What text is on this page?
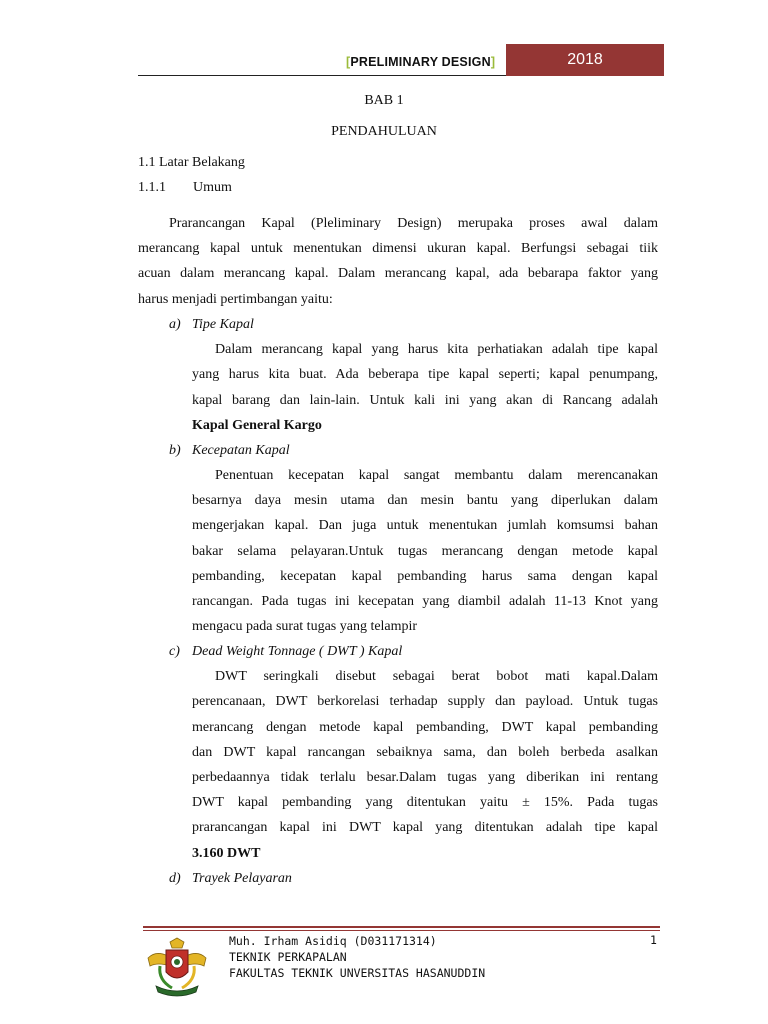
[PRELIMINARY DESIGN]	2018
BAB 1
PENDAHULUAN
1.1 Latar Belakang
1.1.1 Umum
Prarancangan Kapal (Pleliminary Design) merupaka proses awal dalam
merancang kapal untuk menentukan dimensi ukuran kapal. Berfungsi sebagai tiik
acuan dalam merancang kapal. Dalam merancang kapal, ada bebarapa faktor yang
harus menjadi pertimbangan yaitu:
a) Tipe Kapal
Dalam merancang kapal yang harus kita perhatiakan adalah tipe kapal
yang harus kita buat. Ada beberapa tipe kapal seperti; kapal penumpang,
kapal barang dan lain-lain. Untuk kali ini yang akan di Rancang adalah
Kapal General Kargo
b) Kecepatan Kapal
Penentuan kecepatan kapal sangat membantu dalam merencanakan
besarnya daya mesin utama dan mesin bantu yang diperlukan dalam
mengerjakan kapal. Dan juga untuk menentukan jumlah komsumsi bahan
bakar selama pelayaran.Untuk tugas merancang dengan metode kapal
pembanding, kecepatan kapal pembanding harus sama dengan kapal
rancangan. Pada tugas ini kecepatan yang diambil adalah 11-13 Knot yang
mengacu pada surat tugas yang telampir
c) Dead Weight Tonnage ( DWT ) Kapal
DWT seringkali disebut sebagai berat bobot mati kapal.Dalam
perencanaan, DWT berkorelasi terhadap supply dan payload. Untuk tugas
merancang dengan metode kapal pembanding, DWT kapal pembanding
dan DWT kapal rancangan sebaiknya sama, dan boleh berbeda asalkan
perbedaannya tidak terlalu besar.Dalam tugas yang diberikan ini rentang
DWT kapal pembanding yang ditentukan yaitu ± 15%. Pada tugas
prarancangan kapal ini DWT kapal yang ditentukan adalah tipe kapal
3.160 DWT
d) Trayek Pelayaran
Muh. Irham Asidiq (D031171314)
TEKNIK PERKAPALAN
FAKULTAS TEKNIK UNVERSITAS HASANUDDIN
1
